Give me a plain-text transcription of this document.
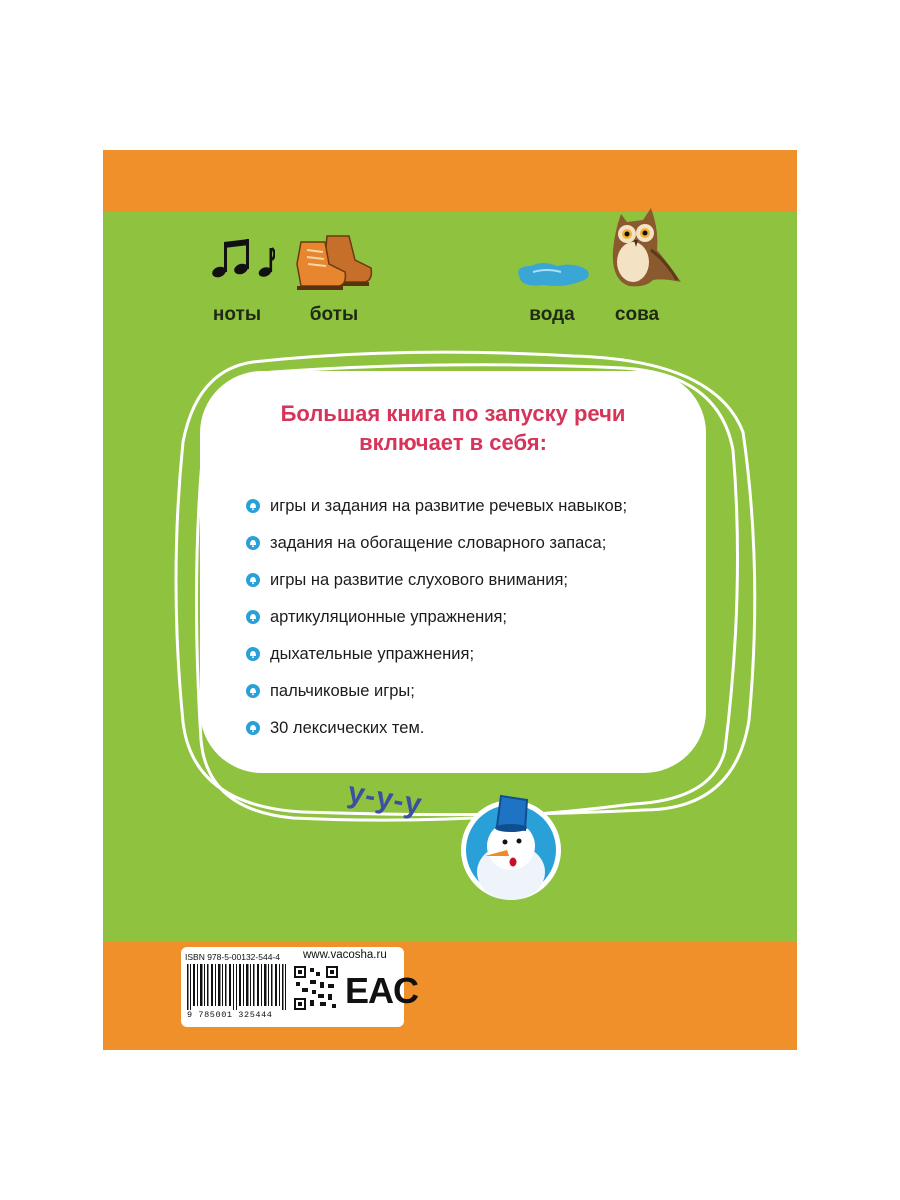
ноты	боты	вода	сова
Большая книга по запуску речи
включает в себя:
игры и задания на развитие речевых навыков;
задания на обогащение словарного запаса;
игры на развитие слухового внимания;
артикуляционные упражнения;
дыхательные упражнения;
пальчиковые игры;
30 лексических тем.
у-у-у
ISBN 978-5-00132-544-4 www.vacosha.ru
9 785001 325444
EAC
